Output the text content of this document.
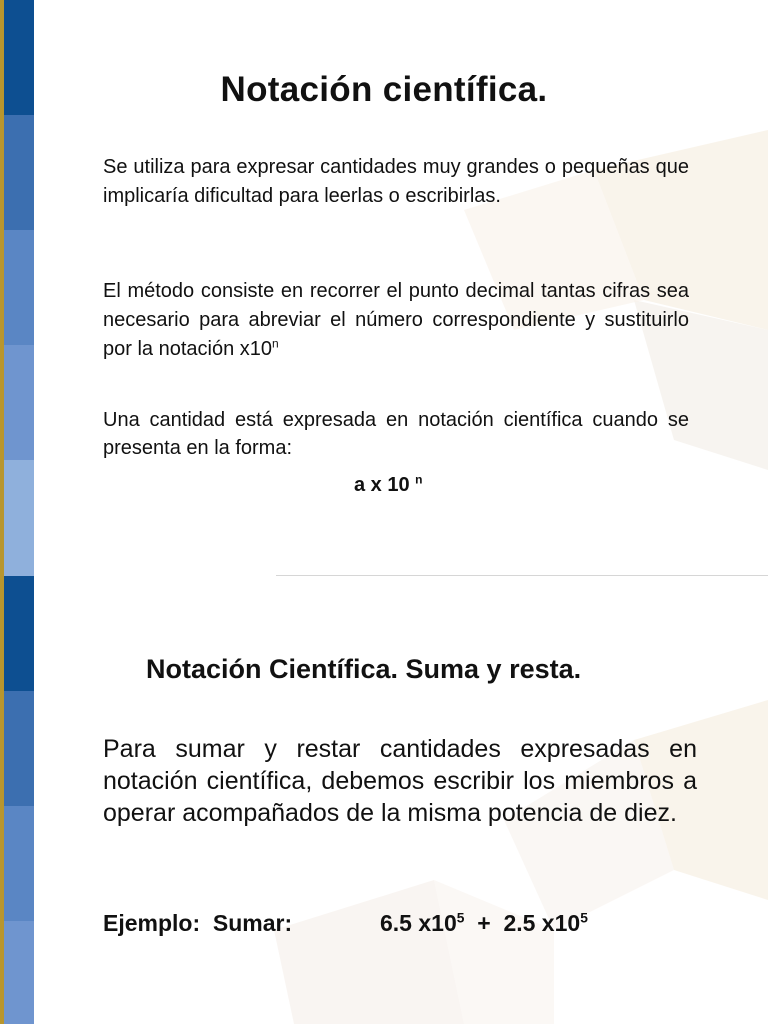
Notación científica.

Se utiliza para expresar cantidades muy grandes o pequeñas que implicaría dificultad para leerlas o escribirlas.

El método consiste en recorrer el punto decimal tantas cifras sea necesario para abreviar el número correspondiente y sustituirlo por la notación x10$^n$

Una cantidad está expresada en notación científica cuando se presenta en la forma:

a x 10 $^n$
Notación Científica. Suma y resta.

Para sumar y restar cantidades expresadas en notación científica, debemos escribir los miembros a operar acompañados de la misma potencia de diez.

Ejemplo:  Sumar:	6.5 $x10^5 + 2.5$ $x10^5$
